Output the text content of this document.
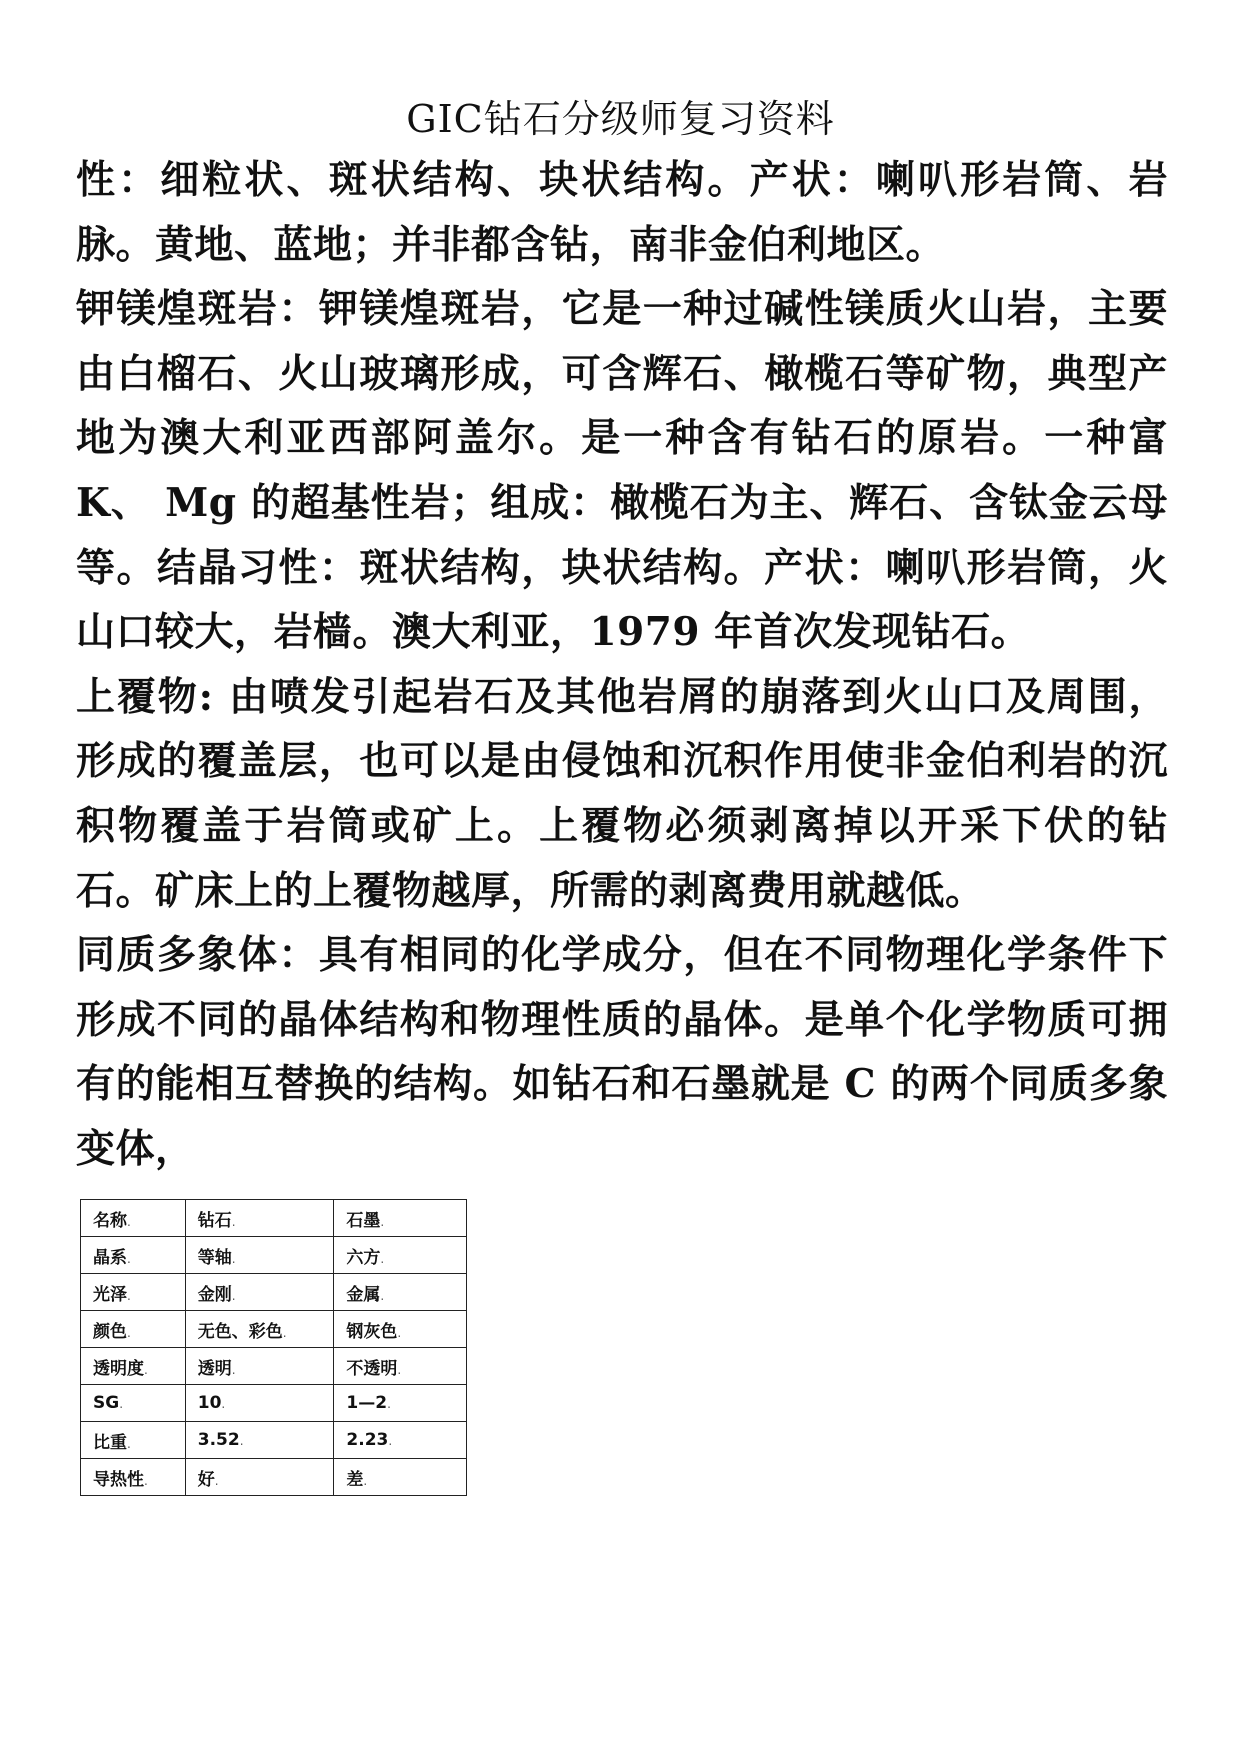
GIC钻石分级师复习资料

性：细粒状、斑状结构、块状结构。产状：喇叭形岩筒、岩脉。黄地、蓝地；并非都含钻，南非金伯利地区。

钾镁煌斑岩：钾镁煌斑岩，它是一种过碱性镁质火山岩，主要由白榴石、火山玻璃形成，可含辉石、橄榄石等矿物，典型产地为澳大利亚西部阿盖尔。是一种含有钻石的原岩。一种富 K、 Mg 的超基性岩；组成：橄榄石为主、辉石、含钛金云母等。结晶习性：斑状结构，块状结构。产状：喇叭形岩筒，火山口较大，岩樯。澳大利亚，1979 年首次发现钻石。

上覆物: 由喷发引起岩石及其他岩屑的崩落到火山口及周围，形成的覆盖层，也可以是由侵蚀和沉积作用使非金伯利岩的沉积物覆盖于岩筒或矿上。上覆物必须剥离掉以开采下伏的钻石。矿床上的上覆物越厚，所需的剥离费用就越低。

同质多象体：具有相同的化学成分，但在不同物理化学条件下形成不同的晶体结构和物理性质的晶体。是单个化学物质可拥有的能相互替换的结构。如钻石和石墨就是 C 的两个同质多象变体，

名称.	钻石.	石墨.
晶系.	等轴.	六方.
光泽.	金刚.	金属.
颜色.	无色、彩色.	钢灰色.
透明度.	透明.	不透明.
SG.	10.	1—2.
比重.	3.52.	2.23.
导热性.	好.	差.
